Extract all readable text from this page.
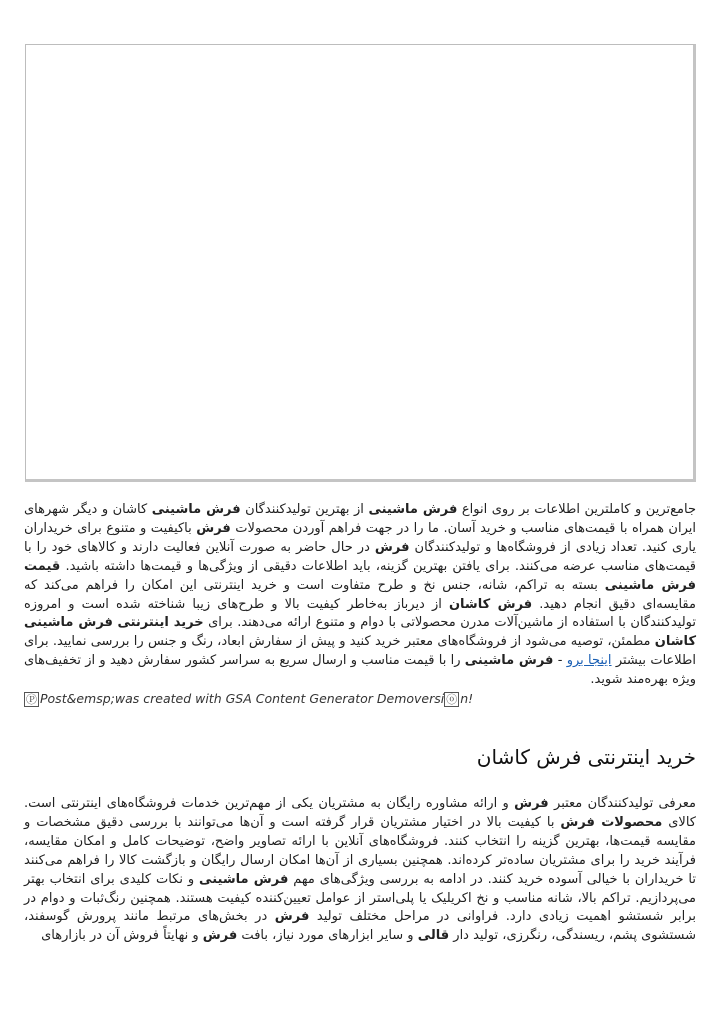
جامع‌ترین و کاملترین اطلاعات بر روی انواع فرش ماشینی از بهترین تولیدکنندگان فرش ماشینی کاشان و دیگر شهرهای ایران همراه با قیمت‌های مناسب و خرید آسان. ما را در جهت فراهم آوردن محصولات فرش باکیفیت و متنوع برای خریداران یاری کنید. تعداد زیادی از فروشگاه‌ها و تولیدکنندگان فرش در حال حاضر به صورت آنلاین فعالیت دارند و کالاهای خود را با قیمت‌های مناسب عرضه می‌کنند. برای یافتن بهترین گزینه، باید اطلاعات دقیقی از ویژگی‌ها و قیمت‌ها داشته باشید. قیمت فرش ماشینی بسته به تراکم، شانه، جنس نخ و طرح متفاوت است و خرید اینترنتی این امکان را فراهم می‌کند که مقایسه‌ای دقیق انجام دهید. فرش کاشان از دیرباز به‌خاطر کیفیت بالا و طرح‌های زیبا شناخته شده است و امروزه تولیدکنندگان با استفاده از ماشین‌آلات مدرن محصولاتی با دوام و متنوع ارائه می‌دهند. برای خرید اینترنتی فرش ماشینی کاشان مطمئن، توصیه می‌شود از فروشگاه‌های معتبر خرید کنید و پیش از سفارش ابعاد، رنگ و جنس را بررسی نمایید. برای اطلاعات بیشتر اینجا برو - فرش ماشینی را با قیمت مناسب و ارسال سریع به سراسر کشور سفارش دهید و از تخفیف‌های ویژه بهره‌مند شوید.

Ⓟ Post&emsp;was created with GSA Content Generator Demoversi ⓞ n!

خرید اینترنتی فرش کاشان

معرفی تولیدکنندگان معتبر فرش و ارائه مشاوره رایگان به مشتریان یکی از مهم‌ترین خدمات فروشگاه‌های اینترنتی است. کالای محصولات فرش با کیفیت بالا در اختیار مشتریان قرار گرفته است و آن‌ها می‌توانند با بررسی دقیق مشخصات و مقایسه قیمت‌ها، بهترین گزینه را انتخاب کنند. فروشگاه‌های آنلاین با ارائه تصاویر واضح، توضیحات کامل و امکان مقایسه، فرآیند خرید را برای مشتریان ساده‌تر کرده‌اند. همچنین بسیاری از آن‌ها امکان ارسال رایگان و بازگشت کالا را فراهم می‌کنند تا خریداران با خیالی آسوده خرید کنند. در ادامه به بررسی ویژگی‌های مهم فرش ماشینی و نکات کلیدی برای انتخاب بهتر می‌پردازیم. تراکم بالا، شانه مناسب و نخ اکریلیک یا پلی‌استر از عوامل تعیین‌کننده کیفیت هستند. همچنین رنگ‌ثبات و دوام در برابر شستشو اهمیت زیادی دارد. فراوانی در مراحل مختلف تولید فرش در بخش‌های مرتبط مانند پرورش گوسفند، شستشوی پشم، ریسندگی، رنگرزی، تولید دار قالی و سایر ابزارهای مورد نیاز، بافت فرش و نهایتاً فروش آن در بازارهای
